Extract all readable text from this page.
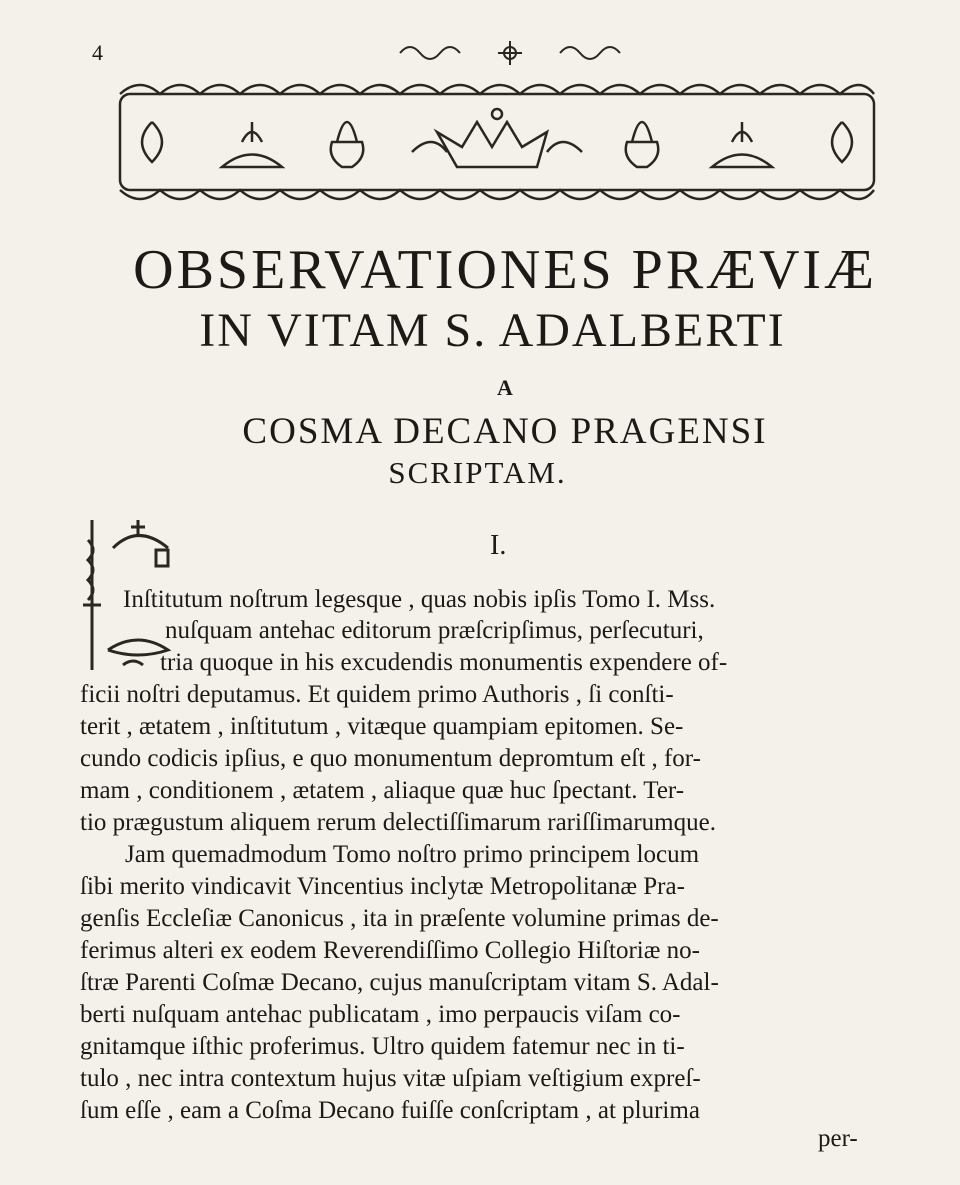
4
OBSERVATIONES PRÆVIÆ
IN VITAM S. ADALBERTI
A
COSMA DECANO PRAGENSI
SCRIPTAM.
I.
Inſtitutum noſtrum legesque , quas nobis ipſis Tomo I. Mss.
nuſquam antehac editorum præſcripſimus, perſecuturi,
tria quoque in his excudendis monumentis expendere of-
ficii noſtri deputamus. Et quidem primo Authoris , ſi conſti-
terit , ætatem , inſtitutum , vitæque quampiam epitomen. Se-
cundo codicis ipſius, e quo monumentum depromtum eſt , for-
mam , conditionem , ætatem , aliaque quæ huc ſpectant. Ter-
tio prægustum aliquem rerum delectiſſimarum rariſſimarumque.
Jam quemadmodum Tomo noſtro primo principem locum
ſibi merito vindicavit Vincentius inclytæ Metropolitanæ Pra-
genſis Eccleſiæ Canonicus , ita in præſente volumine primas de-
ferimus alteri ex eodem Reverendiſſimo Collegio Hiſtoriæ no-
ſtræ Parenti Coſmæ Decano, cujus manuſcriptam vitam S. Adal-
berti nuſquam antehac publicatam , imo perpaucis viſam co-
gnitamque iſthic proferimus. Ultro quidem fatemur nec in ti-
tulo , nec intra contextum hujus vitæ uſpiam veſtigium expreſ-
ſum eſſe , eam a Coſma Decano fuiſſe conſcriptam , at plurima
per-
